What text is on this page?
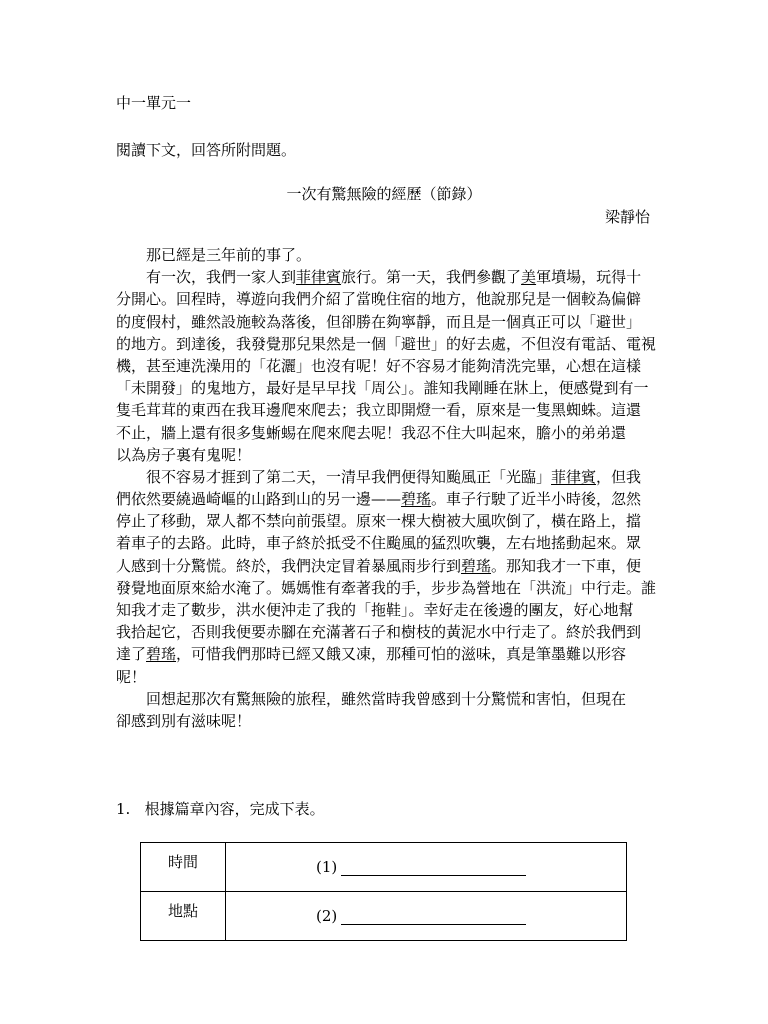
中一單元一
閱讀下文，回答所附問題。
一次有驚無險的經歷（節錄）
梁靜怡
　　那已經是三年前的事了。
　　有一次，我們一家人到菲律賓旅行。第一天，我們參觀了美軍墳場，玩得十
分開心。回程時，導遊向我們介紹了當晚住宿的地方，他說那兒是一個較為偏僻
的度假村，雖然設施較為落後，但卻勝在夠寧靜，而且是一個真正可以「避世」
的地方。到達後，我發覺那兒果然是一個「避世」的好去處，不但沒有電話、電視
機，甚至連洗澡用的「花灑」也沒有呢！好不容易才能夠清洗完畢，心想在這樣
「未開發」的鬼地方，最好是早早找「周公」。誰知我剛睡在牀上，便感覺到有一
隻毛茸茸的東西在我耳邊爬來爬去；我立即開燈一看，原來是一隻黑蜘蛛。這還
不止，牆上還有很多隻蜥蜴在爬來爬去呢！我忍不住大叫起來，膽小的弟弟還
以為房子裏有鬼呢！
　　很不容易才捱到了第二天，一清早我們便得知颱風正「光臨」菲律賓，但我
們依然要繞過崎嶇的山路到山的另一邊——碧瑤。車子行駛了近半小時後，忽然
停止了移動，眾人都不禁向前張望。原來一棵大樹被大風吹倒了，橫在路上，擋
着車子的去路。此時，車子終於抵受不住颱風的猛烈吹襲，左右地搖動起來。眾
人感到十分驚慌。終於，我們決定冒着暴風雨步行到碧瑤。那知我才一下車，便
發覺地面原來給水淹了。媽媽惟有牽著我的手，步步為營地在「洪流」中行走。誰
知我才走了數步，洪水便沖走了我的「拖鞋」。幸好走在後邊的團友，好心地幫
我拾起它，否則我便要赤腳在充滿著石子和樹枝的黃泥水中行走了。終於我們到
達了碧瑤，可惜我們那時已經又餓又凍，那種可怕的滋味，真是筆墨難以形容
呢！
　　回想起那次有驚無險的旅程，雖然當時我曾感到十分驚慌和害怕，但現在
卻感到別有滋味呢！
1. 根據篇章內容，完成下表。
時間	(1)
地點	(2)
